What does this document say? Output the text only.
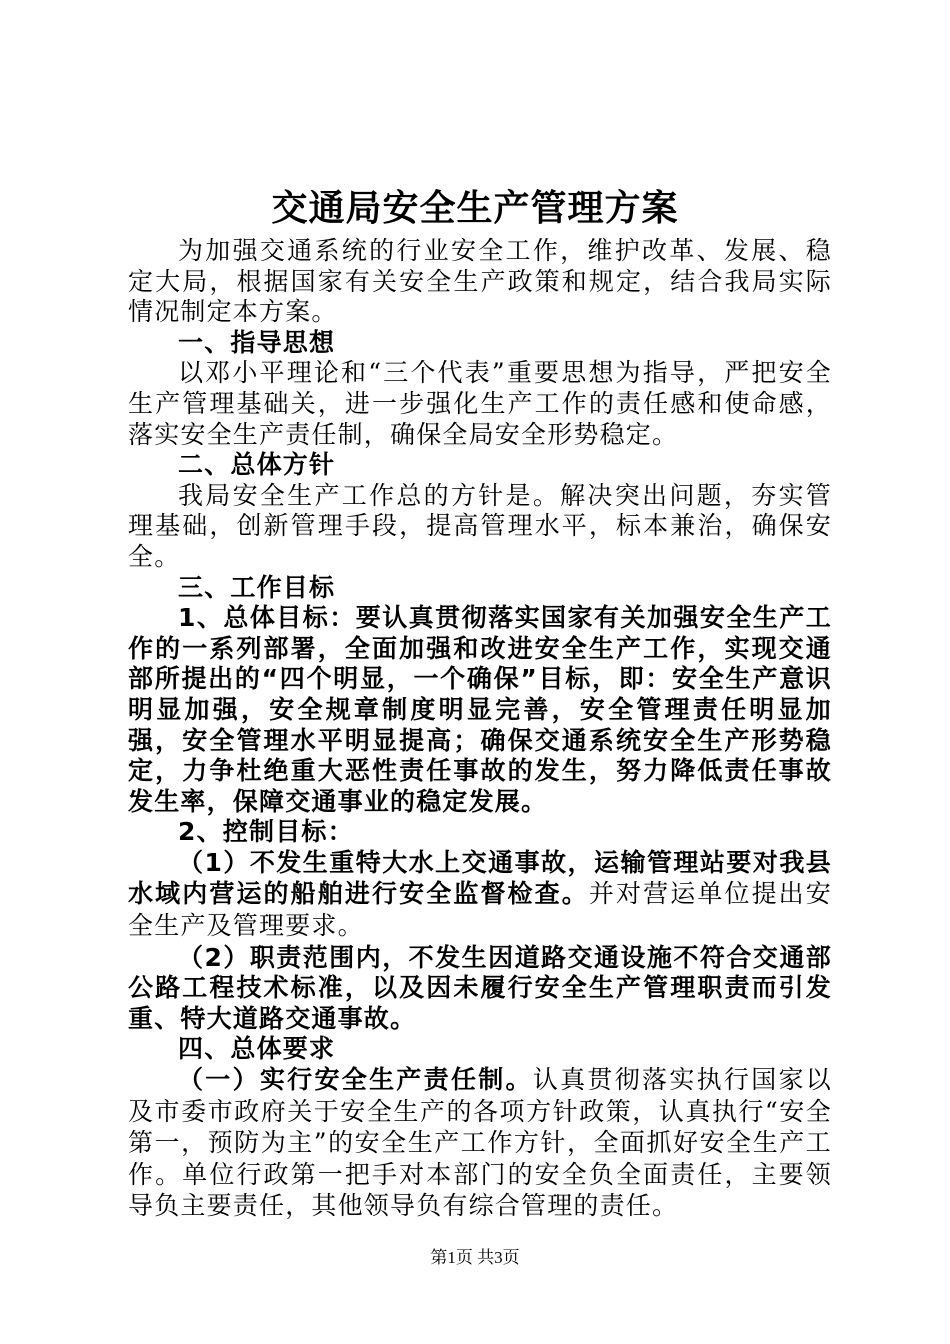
交通局安全生产管理方案

为加强交通系统的行业安全工作，维护改革、发展、稳定大局，根据国家有关安全生产政策和规定，结合我局实际情况制定本方案。

一、指导思想

以邓小平理论和“三个代表”重要思想为指导，严把安全生产管理基础关，进一步强化生产工作的责任感和使命感，落实安全生产责任制，确保全局安全形势稳定。

二、总体方针

我局安全生产工作总的方针是。解决突出问题，夯实管理基础，创新管理手段，提高管理水平，标本兼治，确保安全。

三、工作目标

1、总体目标：要认真贯彻落实国家有关加强安全生产工作的一系列部署，全面加强和改进安全生产工作，实现交通部所提出的“四个明显，一个确保”目标，即：安全生产意识明显加强，安全规章制度明显完善，安全管理责任明显加强，安全管理水平明显提高；确保交通系统安全生产形势稳定，力争杜绝重大恶性责任事故的发生，努力降低责任事故发生率，保障交通事业的稳定发展。

2、控制目标：

（1）不发生重特大水上交通事故，运输管理站要对我县水域内营运的船舶进行安全监督检查。并对营运单位提出安全生产及管理要求。

（2）职责范围内，不发生因道路交通设施不符合交通部公路工程技术标准，以及因未履行安全生产管理职责而引发重、特大道路交通事故。

四、总体要求

（一）实行安全生产责任制。认真贯彻落实执行国家以及市委市政府关于安全生产的各项方针政策，认真执行“安全第一，预防为主”的安全生产工作方针，全面抓好安全生产工作。单位行政第一把手对本部门的安全负全面责任，主要领导负主要责任，其他领导负有综合管理的责任。

第1页 共3页
